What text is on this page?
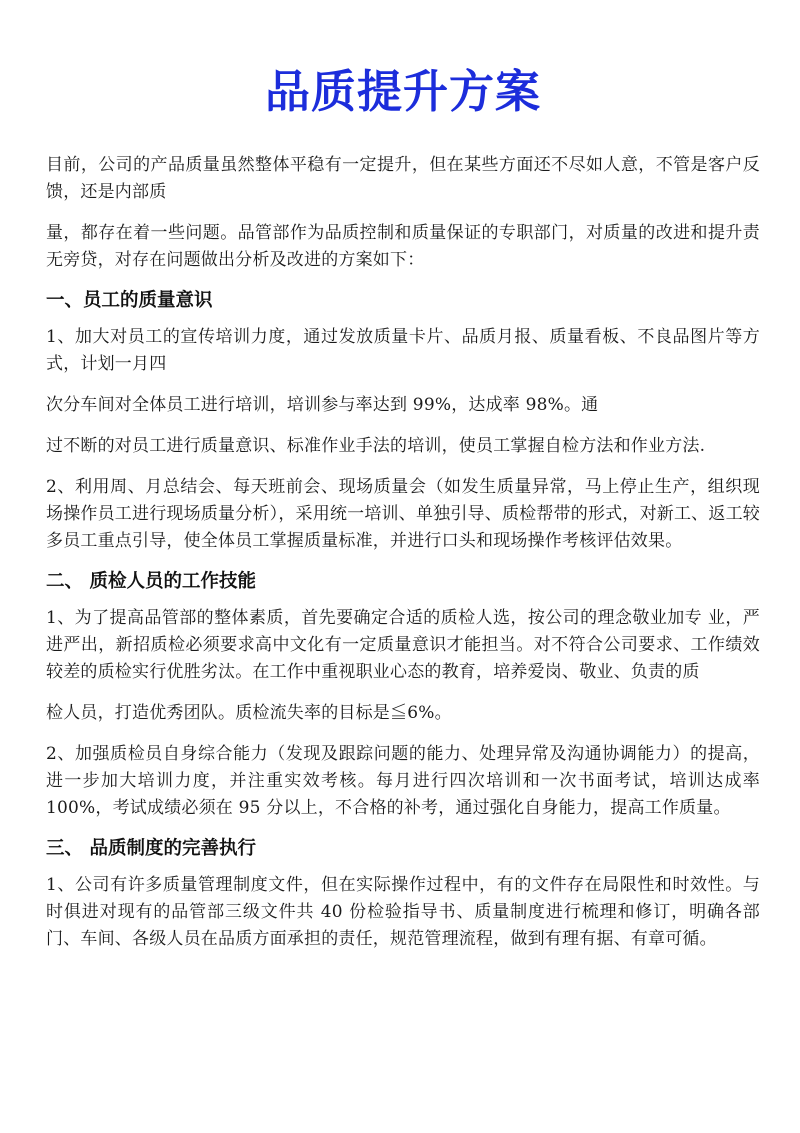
品质提升方案

目前，公司的产品质量虽然整体平稳有一定提升，但在某些方面还不尽如人意，不管是客户反馈，还是内部质

量，都存在着一些问题。品管部作为品质控制和质量保证的专职部门，对质量的改进和提升责无旁贷，对存在问题做出分析及改进的方案如下：

一、员工的质量意识

1、加大对员工的宣传培训力度，通过发放质量卡片、品质月报、质量看板、不良品图片等方式，计划一月四

次分车间对全体员工进行培训，培训参与率达到 99%，达成率 98%。通

过不断的对员工进行质量意识、标准作业手法的培训，使员工掌握自检方法和作业方法.

2、利用周、月总结会、每天班前会、现场质量会（如发生质量异常，马上停止生产，组织现场操作员工进行现场质量分析），采用统一培训、单独引导、质检帮带的形式，对新工、返工较多员工重点引导，使全体员工掌握质量标准，并进行口头和现场操作考核评估效果。

二、 质检人员的工作技能

1、为了提高品管部的整体素质，首先要确定合适的质检人选，按公司的理念敬业加专 业，严进严出，新招质检必须要求高中文化有一定质量意识才能担当。对不符合公司要求、工作绩效较差的质检实行优胜劣汰。在工作中重视职业心态的教育，培养爱岗、敬业、负责的质

检人员，打造优秀团队。质检流失率的目标是≦6%。

2、加强质检员自身综合能力（发现及跟踪问题的能力、处理异常及沟通协调能力）的提高，进一步加大培训力度，并注重实效考核。每月进行四次培训和一次书面考试，培训达成率 100%，考试成绩必须在 95 分以上，不合格的补考，通过强化自身能力，提高工作质量。

三、 品质制度的完善执行

1、公司有许多质量管理制度文件，但在实际操作过程中，有的文件存在局限性和时效性。与时俱进对现有的品管部三级文件共 40 份检验指导书、质量制度进行梳理和修订，明确各部门、车间、各级人员在品质方面承担的责任，规范管理流程，做到有理有据、有章可循。
